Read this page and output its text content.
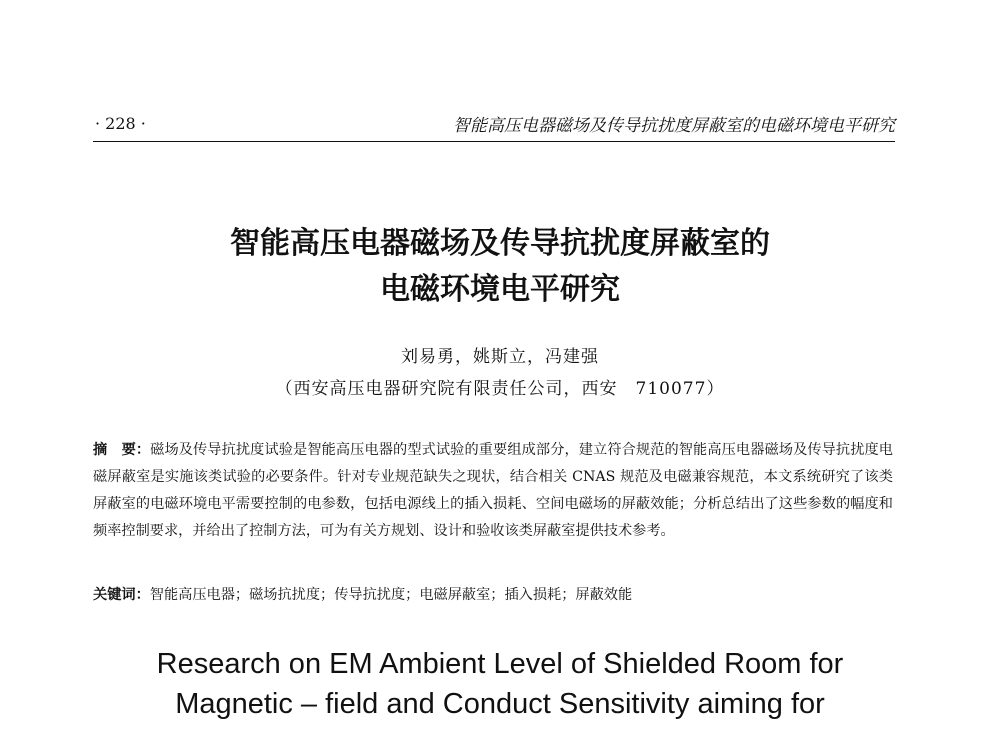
· 228 ·	智能高压电器磁场及传导抗扰度屏蔽室的电磁环境电平研究
智能高压电器磁场及传导抗扰度屏蔽室的
电磁环境电平研究
刘易勇，姚斯立，冯建强
（西安高压电器研究院有限责任公司，西安　710077）
摘　要：磁场及传导抗扰度试验是智能高压电器的型式试验的重要组成部分，建立符合规范的智能高压电器磁场及传导抗扰度电磁屏蔽室是实施该类试验的必要条件。针对专业规范缺失之现状，结合相关 CNAS 规范及电磁兼容规范，本文系统研究了该类屏蔽室的电磁环境电平需要控制的电参数，包括电源线上的插入损耗、空间电磁场的屏蔽效能；分析总结出了这些参数的幅度和频率控制要求，并给出了控制方法，可为有关方规划、设计和验收该类屏蔽室提供技术参考。
关键词：智能高压电器；磁场抗扰度；传导抗扰度；电磁屏蔽室；插入损耗；屏蔽效能
Research on EM Ambient Level of Shielded Room for
Magnetic – field and Conduct Sensitivity aiming for
